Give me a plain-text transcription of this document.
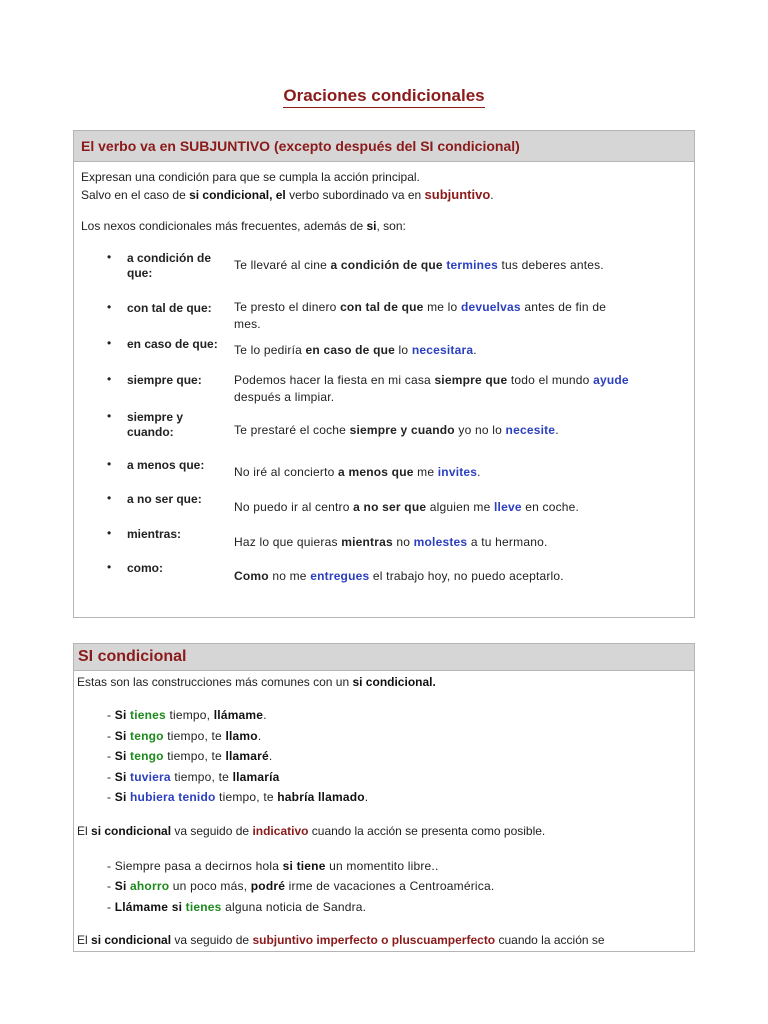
Oraciones condicionales
El verbo va en SUBJUNTIVO (excepto después del SI condicional)
Expresan una condición para que se cumpla la acción principal.
Salvo en el caso de si condicional, el verbo subordinado va en subjuntivo.
Los nexos condicionales más frecuentes, además de si, son:
• a condición de que:
Te llevaré al cine a condición de que termines tus deberes antes.
• con tal de que:	Te presto el dinero con tal de que me lo devuelvas antes de fin de mes.
• en caso de que:	Te lo pediría en caso de que lo necesitara.
• siempre que:	Podemos hacer la fiesta en mi casa siempre que todo el mundo ayude después a limpiar.
• siempre y cuando:	Te prestaré el coche siempre y cuando yo no lo necesite.
• a menos que:	No iré al concierto a menos que me invites.
• a no ser que:
No puedo ir al centro a no ser que alguien me lleve en coche.
• mientras:
Haz lo que quieras mientras no molestes a tu hermano.
• como:
Como no me entregues el trabajo hoy, no puedo aceptarlo.
SI condicional
Estas son las construcciones más comunes con un si condicional.
- Si tienes tiempo, llámame.
- Si tengo tiempo, te llamo.
- Si tengo tiempo, te llamaré.
- Si tuviera tiempo, te llamaría
- Si hubiera tenido tiempo, te habría llamado.
El si condicional va seguido de indicativo cuando la acción se presenta como posible.
- Siempre pasa a decirnos hola si tiene un momentito libre..
- Si ahorro un poco más, podré irme de vacaciones a Centroamérica.
- Llámame si tienes alguna noticia de Sandra.
El si condicional va seguido de subjuntivo imperfecto o pluscuamperfecto cuando la acción se
